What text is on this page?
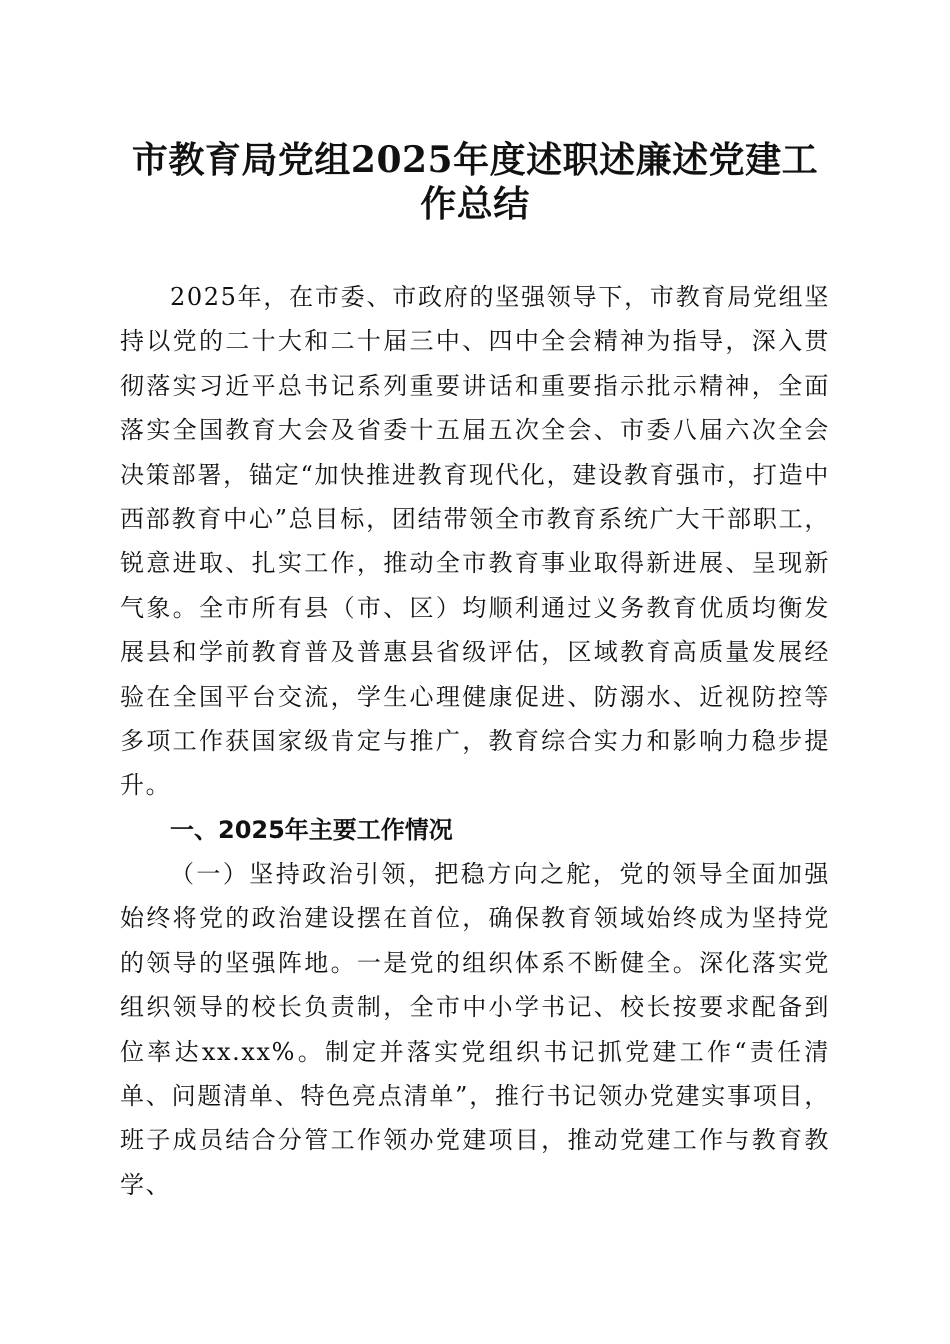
市教育局党组2025年度述职述廉述党建工作总结

2025年，在市委、市政府的坚强领导下，市教育局党组坚持以党的二十大和二十届三中、四中全会精神为指导，深入贯彻落实习近平总书记系列重要讲话和重要指示批示精神，全面落实全国教育大会及省委十五届五次全会、市委八届六次全会决策部署，锚定“加快推进教育现代化，建设教育强市，打造中西部教育中心”总目标，团结带领全市教育系统广大干部职工，锐意进取、扎实工作，推动全市教育事业取得新进展、呈现新气象。全市所有县（市、区）均顺利通过义务教育优质均衡发展县和学前教育普及普惠县省级评估，区域教育高质量发展经验在全国平台交流，学生心理健康促进、防溺水、近视防控等多项工作获国家级肯定与推广，教育综合实力和影响力稳步提升。

一、2025年主要工作情况

（一）坚持政治引领，把稳方向之舵，党的领导全面加强始终将党的政治建设摆在首位，确保教育领域始终成为坚持党的领导的坚强阵地。一是党的组织体系不断健全。深化落实党组织领导的校长负责制，全市中小学书记、校长按要求配备到位率达xx.xx%。制定并落实党组织书记抓党建工作“责任清单、问题清单、特色亮点清单”，推行书记领办党建实事项目，班子成员结合分管工作领办党建项目，推动党建工作与教育教学、
